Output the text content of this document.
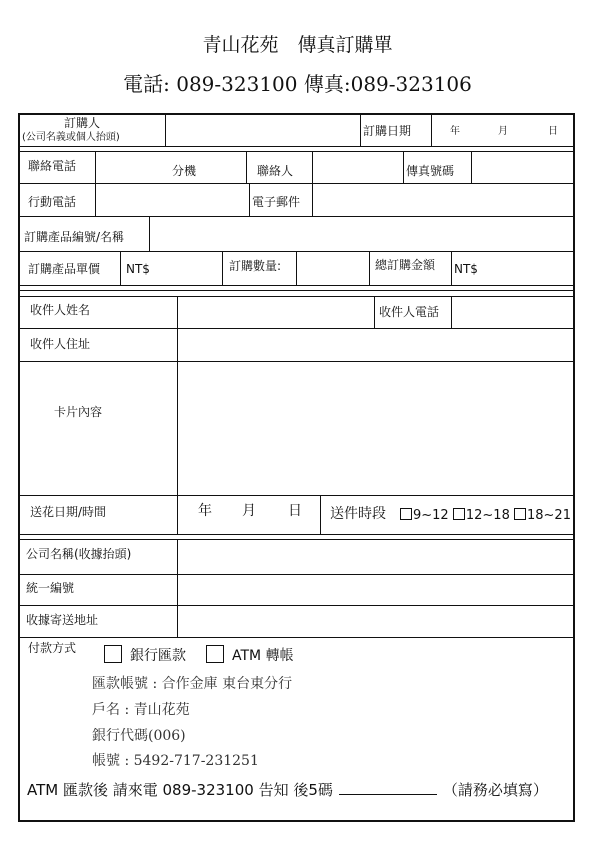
青山花苑　傳真訂購單
電話: 089-323100 傳真:089-323106
訂購人
(公司名義或個人抬頭)	訂購日期	年	月	日
聯絡電話	分機	聯絡人	傳真號碼
行動電話	電子郵件
訂購產品編號/名稱
訂購產品單價 NT$	訂購數量:	總訂購金額 NT$
收件人姓名	收件人電話
收件人住址
卡片內容
送花日期/時間	年 月 日 送件時段	9~12 12~18 18~21
公司名稱(收據抬頭)
統一編號
收據寄送地址
付款方式	銀行匯款	ATM 轉帳
匯款帳號 : 合作金庫 東台東分行
戶名 : 青山花苑
銀行代碼(006)
帳號 : 5492-717-231251
ATM 匯款後 請來電 089-323100 告知 後5碼	（請務必填寫）
